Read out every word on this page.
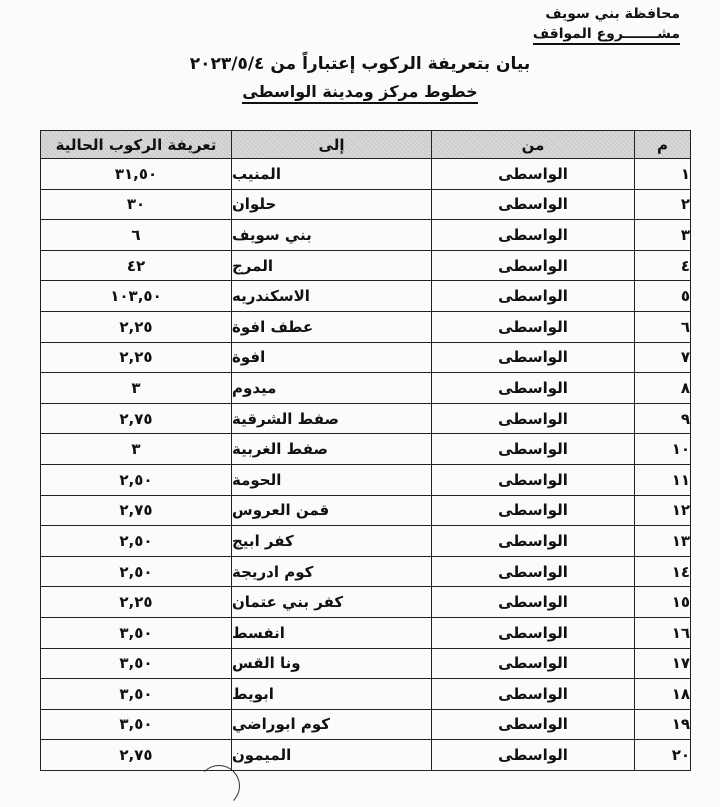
محافظة بني سويف
مشـــــــروع المواقف
بيان بتعريفة الركوب إعتباراً من ٢٠٢٣/٥/٤
خطوط مركز ومدينة الواسطى
م	من	إلى	تعريفة الركوب الحالية
١	الواسطى	المنيب	٣١,٥٠
٢	الواسطى	حلوان	٣٠
٣	الواسطى	بني سويف	٦
٤	الواسطى	المرج	٤٢
٥	الواسطى	الاسكندريه	١٠٣,٥٠
٦	الواسطى	عطف افوة	٢,٢٥
٧	الواسطى	افوة	٢,٢٥
٨	الواسطى	ميدوم	٣
٩	الواسطى	صفط الشرقية	٢,٧٥
١٠	الواسطى	صفط الغربية	٣
١١	الواسطى	الحومة	٢,٥٠
١٢	الواسطى	قمن العروس	٢,٧٥
١٣	الواسطى	كفر ابيج	٢,٥٠
١٤	الواسطى	كوم ادريجة	٢,٥٠
١٥	الواسطى	كفر بني عتمان	٢,٢٥
١٦	الواسطى	انفسط	٣,٥٠
١٧	الواسطى	ونا القس	٣,٥٠
١٨	الواسطى	ابويط	٣,٥٠
١٩	الواسطى	كوم ابوراضي	٣,٥٠
٢٠	الواسطى	الميمون	٢,٧٥
